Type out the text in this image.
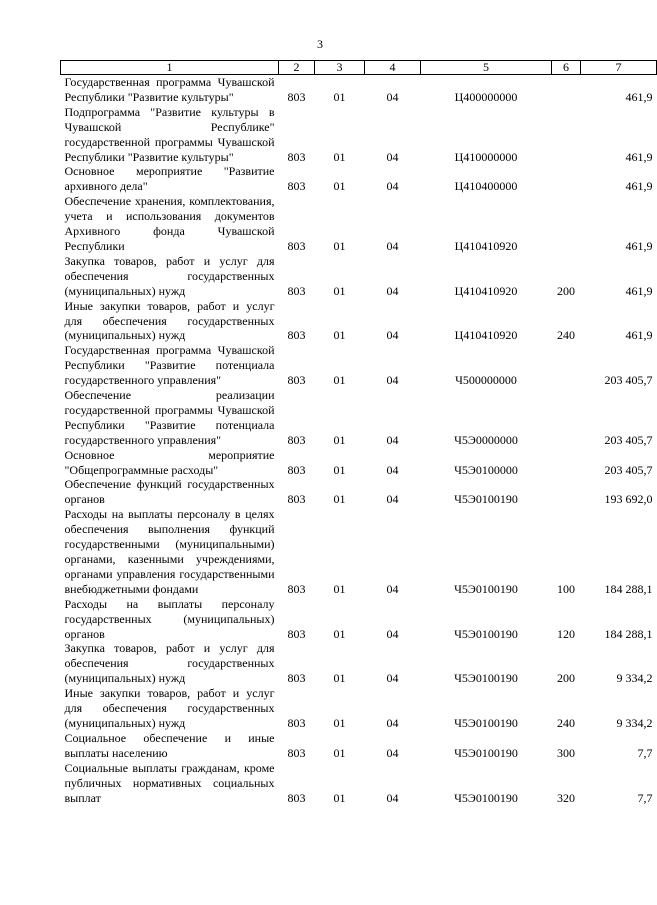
3
1	2	3	4	5	6	7
Государственная программа Чувашской Республики "Развитие культуры"	803	01	04	Ц400000000		461,9
Подпрограмма "Развитие культуры в Чувашской Республике" государственной программы Чувашской Республики "Развитие культуры"	803	01	04	Ц410000000		461,9
Основное мероприятие "Развитие архивного дела"	803	01	04	Ц410400000		461,9
Обеспечение хранения, комплектования, учета и использования документов Архивного фонда Чувашской Республики	803	01	04	Ц410410920		461,9
Закупка товаров, работ и услуг для обеспечения государственных (муниципальных) нужд	803	01	04	Ц410410920	200	461,9
Иные закупки товаров, работ и услуг для обеспечения государственных (муниципальных) нужд	803	01	04	Ц410410920	240	461,9
Государственная программа Чувашской Республики "Развитие потенциала государственного управления"	803	01	04	Ч500000000		203 405,7
Обеспечение реализации государственной программы Чувашской Республики "Развитие потенциала государственного управления"	803	01	04	Ч5Э0000000		203 405,7
Основное мероприятие "Общепрограммные расходы"	803	01	04	Ч5Э0100000		203 405,7
Обеспечение функций государственных органов	803	01	04	Ч5Э0100190		193 692,0
Расходы на выплаты персоналу в целях обеспечения выполнения функций государственными (муниципальными) органами, казенными учреждениями, органами управления государственными внебюджетными фондами	803	01	04	Ч5Э0100190	100	184 288,1
Расходы на выплаты персоналу государственных (муниципальных) органов	803	01	04	Ч5Э0100190	120	184 288,1
Закупка товаров, работ и услуг для обеспечения государственных (муниципальных) нужд	803	01	04	Ч5Э0100190	200	9 334,2
Иные закупки товаров, работ и услуг для обеспечения государственных (муниципальных) нужд	803	01	04	Ч5Э0100190	240	9 334,2
Социальное обеспечение и иные выплаты населению	803	01	04	Ч5Э0100190	300	7,7
Социальные выплаты гражданам, кроме публичных нормативных социальных выплат	803	01	04	Ч5Э0100190	320	7,7
